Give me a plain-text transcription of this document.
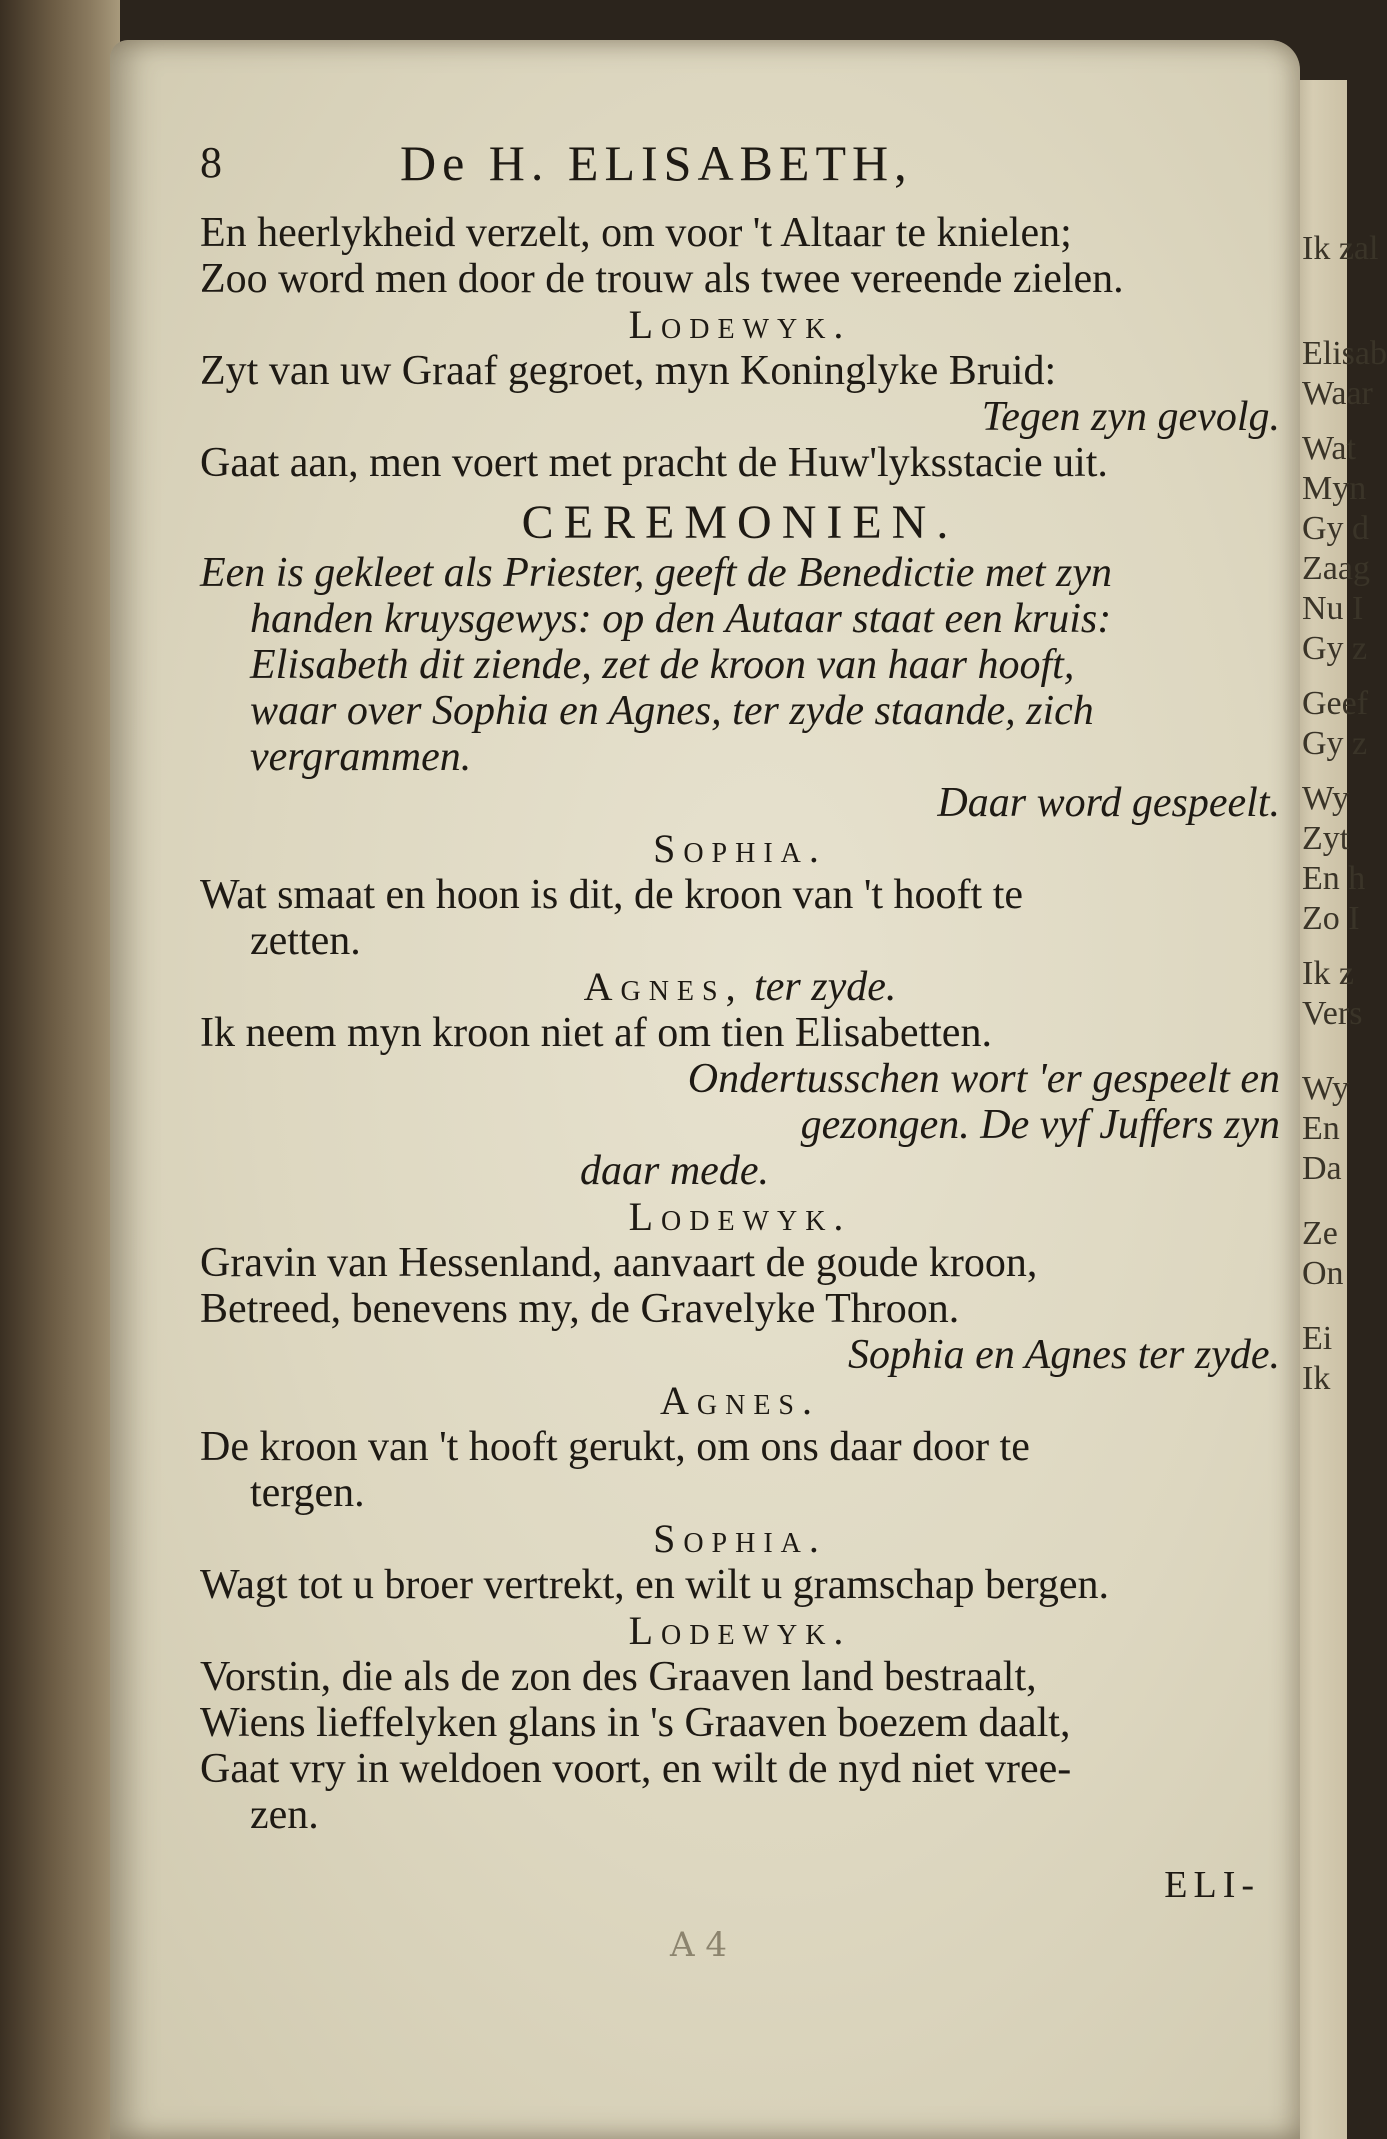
Ik zal
Elisab
Waar
Wat
Myn
Gy d
Zaag
Nu I
Gy z
Geef
Gy z
Wy
Zyt
En h
Zo I
Ik z
Vers
Wy
En
Da
Ze
On
Ei
Ik
8	De H. ELISABETH,

En heerlykheid verzelt, om voor 't Altaar te knielen;

Zoo word men door de trouw als twee vereende zielen.

Lodewyk.

Zyt van uw Graaf gegroet, myn Koninglyke Bruid:

Tegen zyn gevolg.

Gaat aan, men voert met pracht de Huw'lyksstacie uit.

CEREMONIEN.

Een is gekleet als Priester, geeft de Benedictie met zyn

handen kruysgewys: op den Autaar staat een kruis:

Elisabeth dit ziende, zet de kroon van haar hooft,

waar over Sophia en Agnes, ter zyde staande, zich

vergrammen.

Daar word gespeelt.

Sophia.

Wat smaat en hoon is dit, de kroon van 't hooft te

zetten.

Agnes, ter zyde.

Ik neem myn kroon niet af om tien Elisabetten.

Ondertusschen wort 'er gespeelt en

gezongen. De vyf Juffers zyn

daar mede.

Lodewyk.

Gravin van Hessenland, aanvaart de goude kroon,

Betreed, benevens my, de Gravelyke Throon.

Sophia en Agnes ter zyde.

Agnes.

De kroon van 't hooft gerukt, om ons daar door te

tergen.

Sophia.

Wagt tot u broer vertrekt, en wilt u gramschap bergen.

Lodewyk.

Vorstin, die als de zon des Graaven land bestraalt,

Wiens lieffelyken glans in 's Graaven boezem daalt,

Gaat vry in weldoen voort, en wilt de nyd niet vree-

zen.
ELI-

A 4
